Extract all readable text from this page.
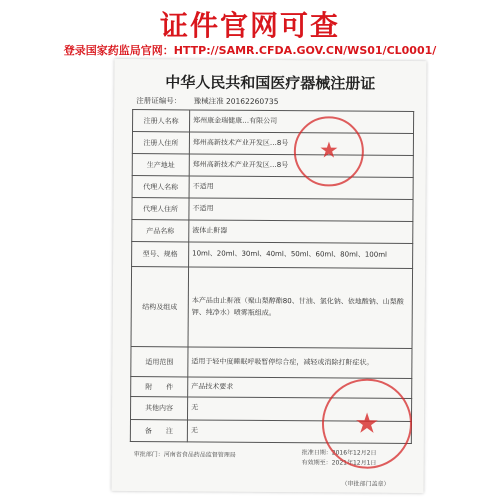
证件官网可查
登录国家药监局官网：HTTP://SAMR.CFDA.GOV.CN/WS01/CL0001/
中华人民共和国医疗器械注册证
注册证编号： 豫械注准 20162260735
注册人名称	郑州康金瑞健康…有限公司
注册人住所	郑州高新技术产业开发区…8号
生产地址	郑州高新技术产业开发区…8号
代理人名称	不适用
代理人住所	不适用
产品名称	液体止鼾器
型号、规格	10ml、20ml、30ml、40ml、50ml、60ml、80ml、100ml
结构及组成	本产品由止鼾液（聚山梨醇酯80、甘油、氯化钠、依地酸钠、山梨酸钾、纯净水）喷雾瓶组成。
适用范围	适用于轻中度睡眠呼吸暂停综合症，减轻或消除打鼾症状。
附　　件	产品技术要求
其他内容	无
备　　注	无
审批部门：河南省食品药品监督管理局	批准日期：2016年12月2日
有效期至：2021年12月1日
（审批部门盖章）
★
★
